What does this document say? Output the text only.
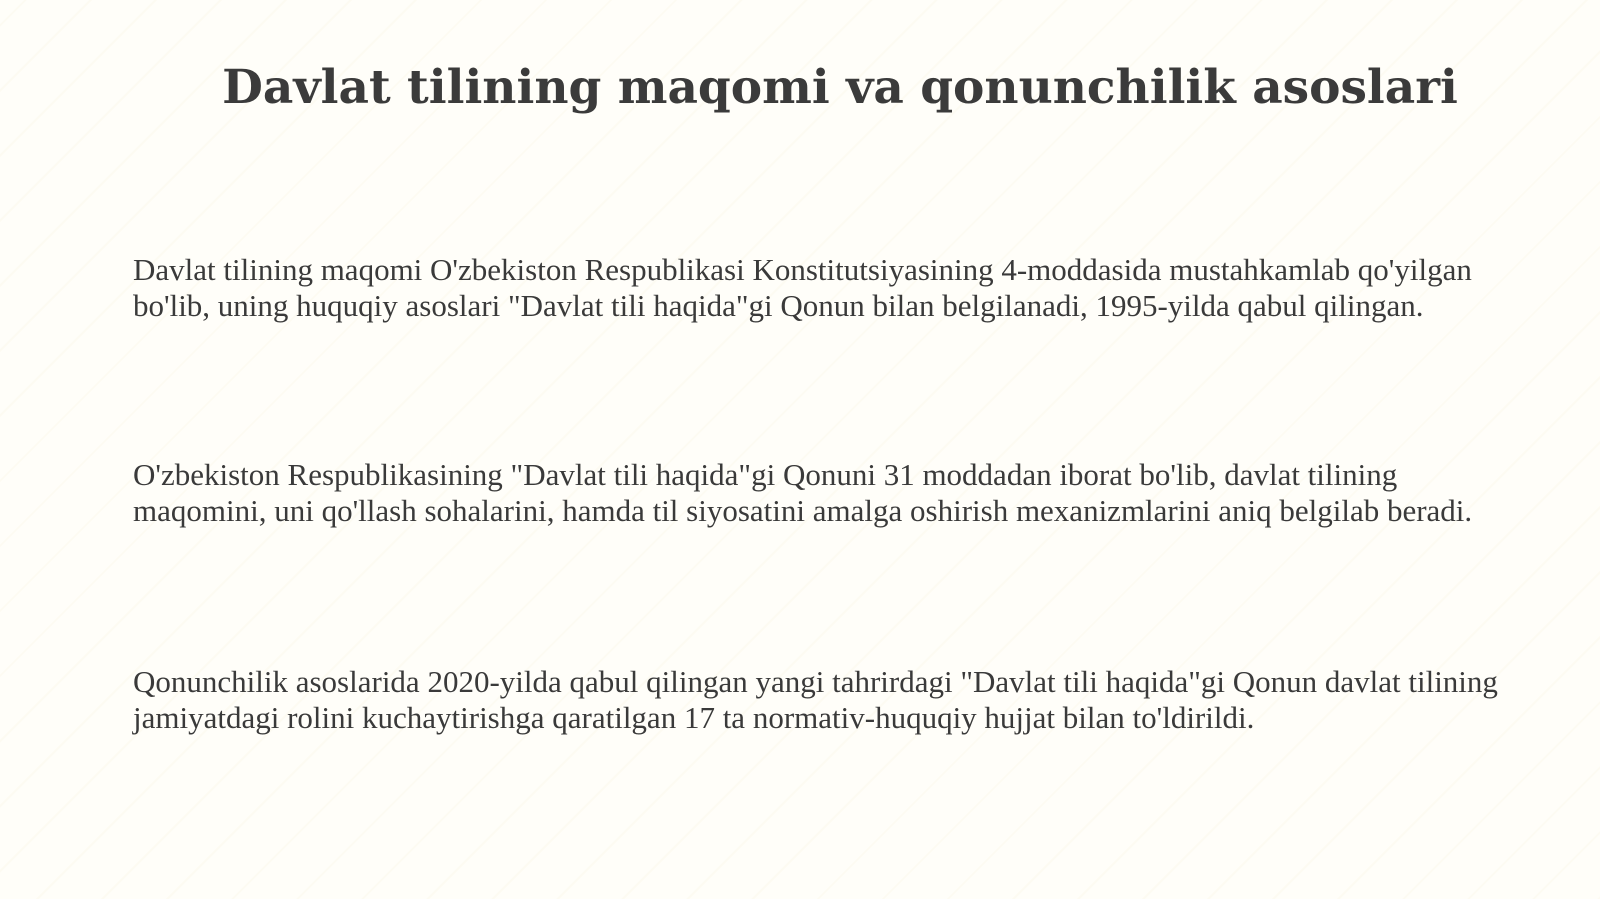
Davlat tilining maqomi va qonunchilik asoslari

Davlat tilining maqomi O'zbekiston Respublikasi Konstitutsiyasining 4-moddasida mustahkamlab qo'yilgan bo'lib, uning huquqiy asoslari "Davlat tili haqida"gi Qonun bilan belgilanadi, 1995-yilda qabul qilingan.

O'zbekiston Respublikasining "Davlat tili haqida"gi Qonuni 31 moddadan iborat bo'lib, davlat tilining maqomini, uni qo'llash sohalarini, hamda til siyosatini amalga oshirish mexanizmlarini aniq belgilab beradi.

Qonunchilik asoslarida 2020-yilda qabul qilingan yangi tahrirdagi "Davlat tili haqida"gi Qonun davlat tilining jamiyatdagi rolini kuchaytirishga qaratilgan 17 ta normativ-huquqiy hujjat bilan to'ldirildi.
